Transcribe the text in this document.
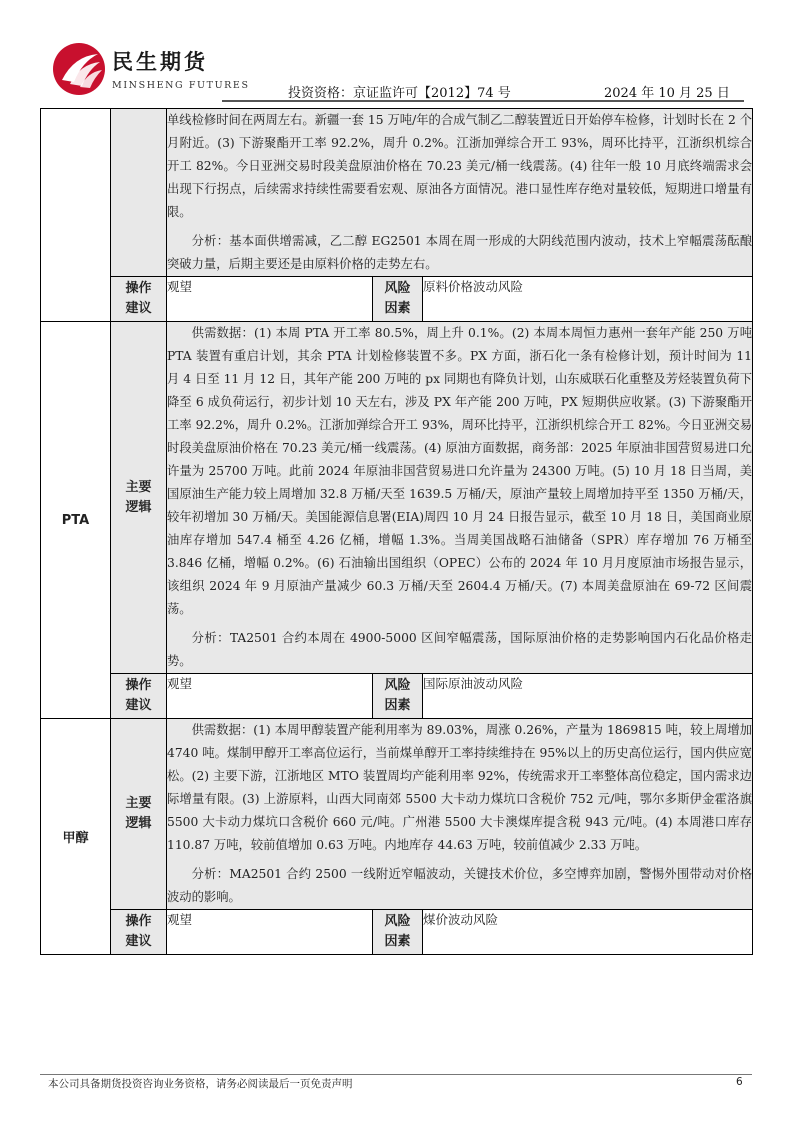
民生期货
MINSHENG FUTURES
投资资格：京证监许可【2012】74 号	2024 年 10 月 25 日

		单线检修时间在两周左右。新疆一套 15 万吨/年的合成气制乙二醇装置近日开始停车检修，计划时长在 2 个月附近。(3) 下游聚酯开工率 92.2%，周升 0.2%。江浙加弹综合开工 93%，周环比持平，江浙织机综合开工 82%。今日亚洲交易时段美盘原油价格在 70.23 美元/桶一线震荡。(4) 往年一般 10 月底终端需求会出现下行拐点，后续需求持续性需要看宏观、原油各方面情况。港口显性库存绝对量较低，短期进口增量有限。

分析：基本面供增需减，乙二醇 EG2501 本周在周一形成的大阴线范围内波动，技术上窄幅震荡酝酿突破力量，后期主要还是由原料价格的走势左右。		

	操作建议	观望	风险因素	原料价格波动风险
PTA	主要逻辑	供需数据：(1) 本周 PTA 开工率 80.5%，周上升 0.1%。(2) 本周本周恒力惠州一套年产能 250 万吨 PTA 装置有重启计划，其余 PTA 计划检修装置不多。PX 方面，浙石化一条有检修计划，预计时间为 11 月 4 日至 11 月 12 日，其年产能 200 万吨的 px 同期也有降负计划，山东威联石化重整及芳烃装置负荷下降至 6 成负荷运行，初步计划 10 天左右，涉及 PX 年产能 200 万吨，PX 短期供应收紧。(3) 下游聚酯开工率 92.2%，周升 0.2%。江浙加弹综合开工 93%，周环比持平，江浙织机综合开工 82%。今日亚洲交易时段美盘原油价格在 70.23 美元/桶一线震荡。(4) 原油方面数据，商务部：2025 年原油非国营贸易进口允许量为 25700 万吨。此前 2024 年原油非国营贸易进口允许量为 24300 万吨。(5) 10 月 18 日当周，美国原油生产能力较上周增加 32.8 万桶/天至 1639.5 万桶/天，原油产量较上周增加持平至 1350 万桶/天，较年初增加 30 万桶/天。美国能源信息署(EIA)周四 10 月 24 日报告显示，截至 10 月 18 日，美国商业原油库存增加 547.4 桶至 4.26 亿桶，增幅 1.3%。当周美国战略石油储备（SPR）库存增加 76 万桶至 3.846 亿桶，增幅 0.2%。(6) 石油输出国组织（OPEC）公布的 2024 年 10 月月度原油市场报告显示，该组织 2024 年 9 月原油产量减少 60.3 万桶/天至 2604.4 万桶/天。(7) 本周美盘原油在 69-72 区间震荡。

分析：TA2501 合约本周在 4900-5000 区间窄幅震荡，国际原油价格的走势影响国内石化品价格走势。		

	操作建议	观望	风险因素	国际原油波动风险
甲醇	主要逻辑	供需数据：(1) 本周甲醇装置产能利用率为 89.03%，周涨 0.26%，产量为 1869815 吨，较上周增加 4740 吨。煤制甲醇开工率高位运行，当前煤单醇开工率持续维持在 95%以上的历史高位运行，国内供应宽松。(2) 主要下游，江浙地区 MTO 装置周均产能利用率 92%，传统需求开工率整体高位稳定，国内需求边际增量有限。(3) 上游原料，山西大同南郊 5500 大卡动力煤坑口含税价 752 元/吨，鄂尔多斯伊金霍洛旗 5500 大卡动力煤坑口含税价 660 元/吨。广州港 5500 大卡澳煤库提含税 943 元/吨。(4) 本周港口库存 110.87 万吨，较前值增加 0.63 万吨。内地库存 44.63 万吨，较前值减少 2.33 万吨。

分析：MA2501 合约 2500 一线附近窄幅波动，关键技术价位，多空博弈加剧，警惕外围带动对价格波动的影响。		

	操作建议	观望	风险因素	煤价波动风险
本公司具备期货投资咨询业务资格，请务必阅读最后一页免责声明	6
